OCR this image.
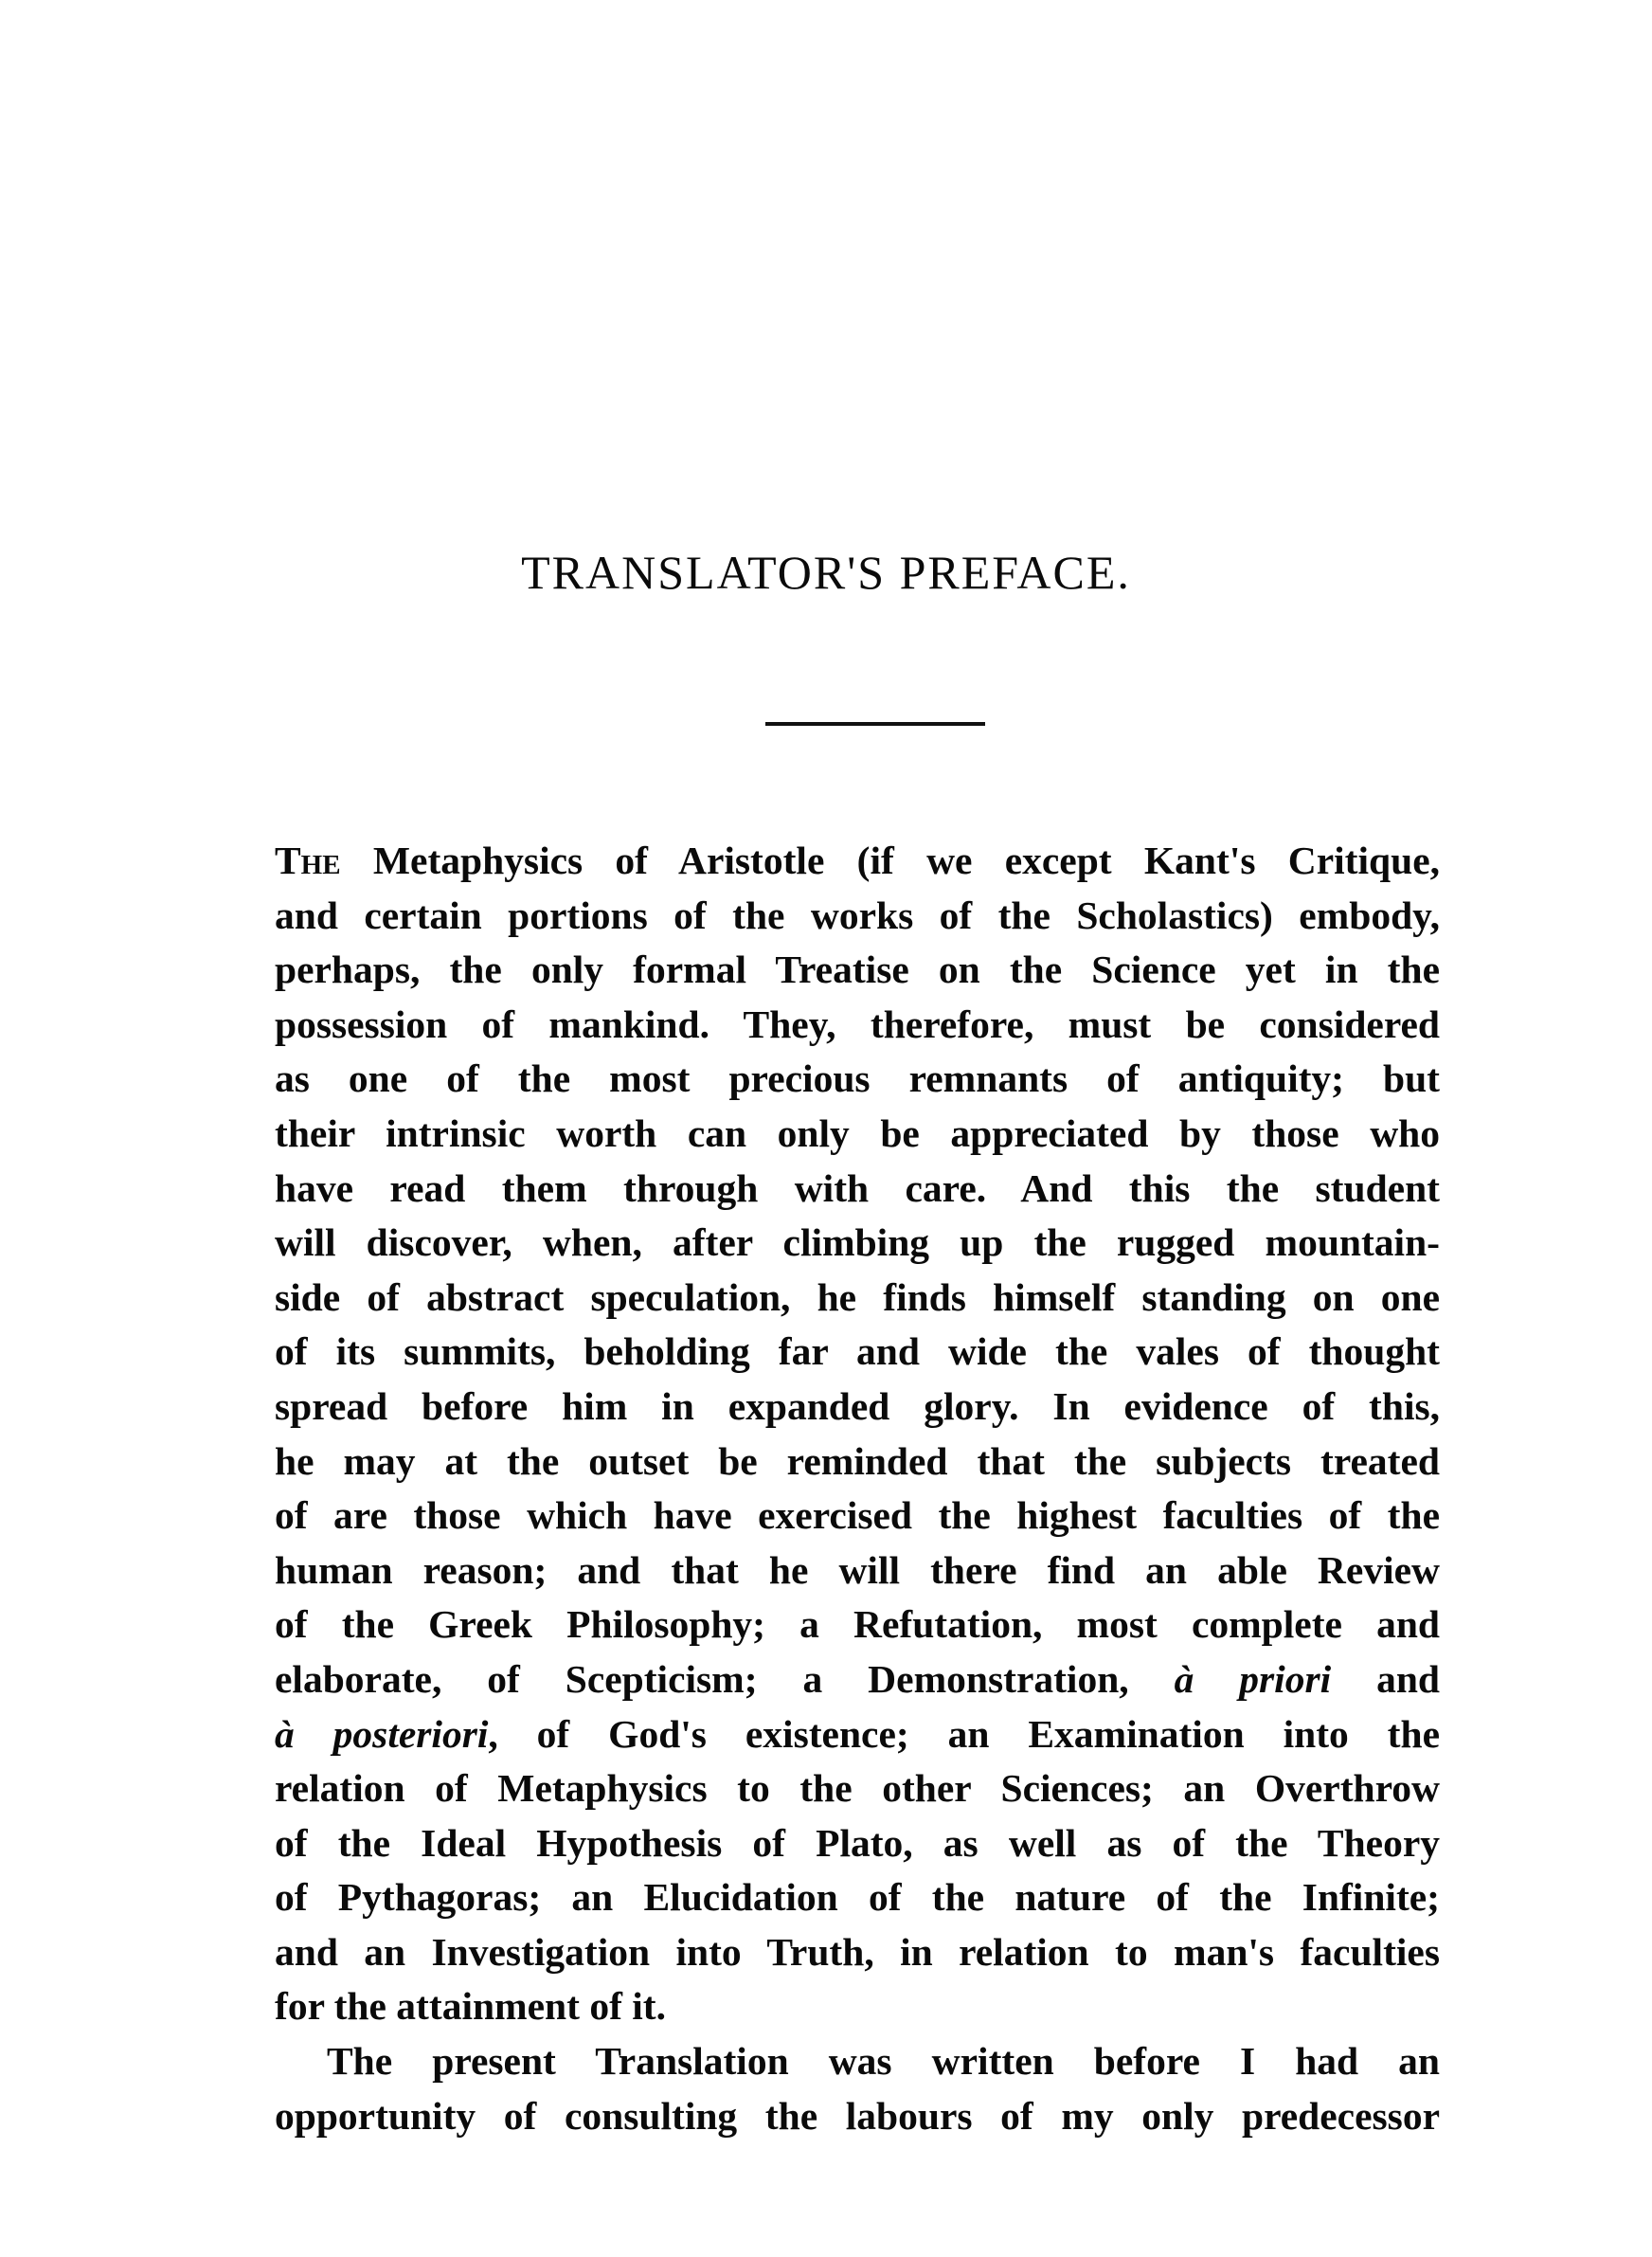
TRANSLATOR'S PREFACE.

The Metaphysics of Aristotle (if we except Kant's Critique,
and certain portions of the works of the Scholastics) embody,
perhaps, the only formal Treatise on the Science yet in the
possession of mankind. They, therefore, must be considered
as one of the most precious remnants of antiquity; but
their intrinsic worth can only be appreciated by those who
have read them through with care. And this the student
will discover, when, after climbing up the rugged mountain-
side of abstract speculation, he finds himself standing on one
of its summits, beholding far and wide the vales of thought
spread before him in expanded glory. In evidence of this,
he may at the outset be reminded that the subjects treated
of are those which have exercised the highest faculties of the
human reason; and that he will there find an able Review
of the Greek Philosophy; a Refutation, most complete and
elaborate, of Scepticism; a Demonstration, à priori and
à posteriori, of God's existence; an Examination into the
relation of Metaphysics to the other Sciences; an Overthrow
of the Ideal Hypothesis of Plato, as well as of the Theory
of Pythagoras; an Elucidation of the nature of the Infinite;
and an Investigation into Truth, in relation to man's faculties
for the attainment of it.

The present Translation was written before I had an
opportunity of consulting the labours of my only predecessor
